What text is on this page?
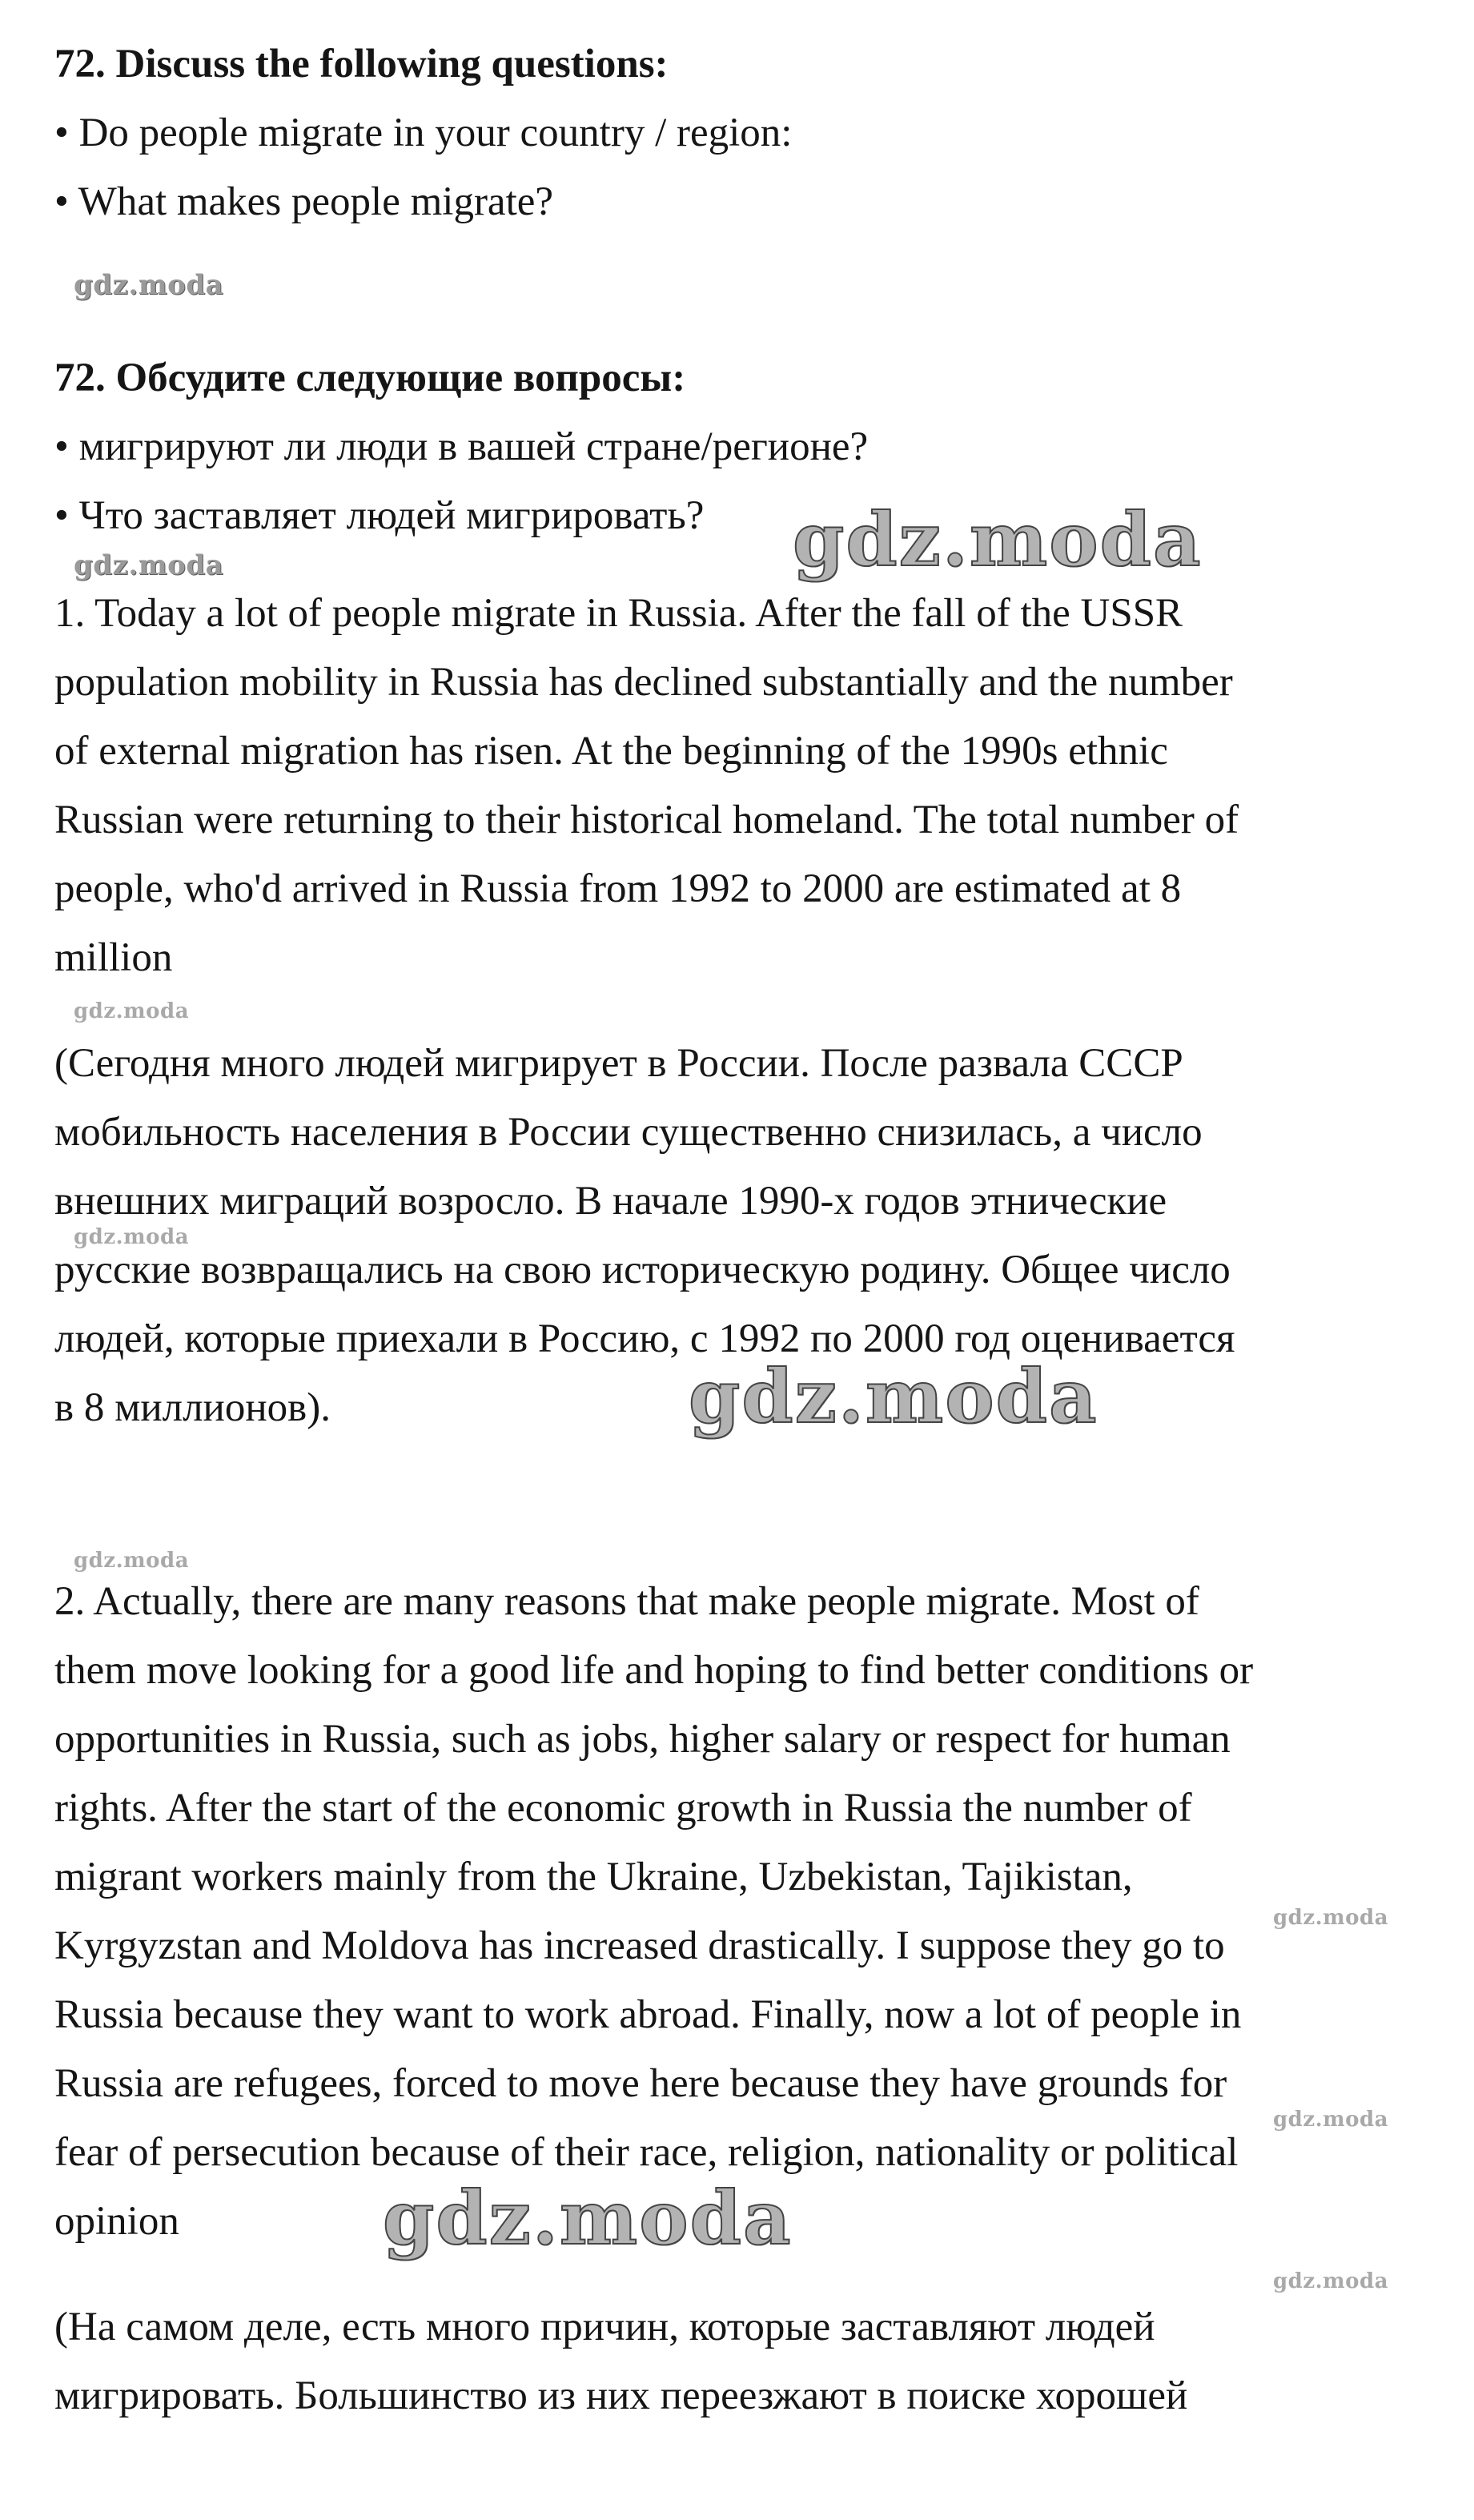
72. Discuss the following questions:

• Do people migrate in your country / region:

• What makes people migrate?

72. Обсудите следующие вопросы:

• мигрируют ли люди в вашей стране/регионе?

• Что заставляет людей мигрировать?

1. Today a lot of people migrate in Russia. After the fall of the USSR

population mobility in Russia has declined substantially and the number

of external migration has risen. At the beginning of the 1990s ethnic

Russian were returning to their historical homeland. The total number of

people, who'd arrived in Russia from 1992 to 2000 are estimated at 8

million

(Сегодня много людей мигрирует в России. После развала СССР

мобильность населения в России существенно снизилась, а число

внешних миграций возросло. В начале 1990-х годов этнические

русские возвращались на свою историческую родину. Общее число

людей, которые приехали в Россию, с 1992 по 2000 год оценивается

в 8 миллионов).

2. Actually, there are many reasons that make people migrate. Most of

them move looking for a good life and hoping to find better conditions or

opportunities in Russia, such as jobs, higher salary or respect for human

rights. After the start of the economic growth in Russia the number of

migrant workers mainly from the Ukraine, Uzbekistan, Tajikistan,

Kyrgyzstan and Moldova has increased drastically. I suppose they go to

Russia because they want to work abroad. Finally, now a lot of people in

Russia are refugees, forced to move here because they have grounds for

fear of persecution because of their race, religion, nationality or political

opinion

(На самом деле, есть много причин, которые заставляют людей

мигрировать. Большинство из них переезжают в поиске хорошей

gdz.moda
gdz.moda	gdz.moda
gdz.moda
gdz.moda
gdz.moda
gdz.moda
gdz.moda
gdz.moda
gdz.moda
gdz.moda
